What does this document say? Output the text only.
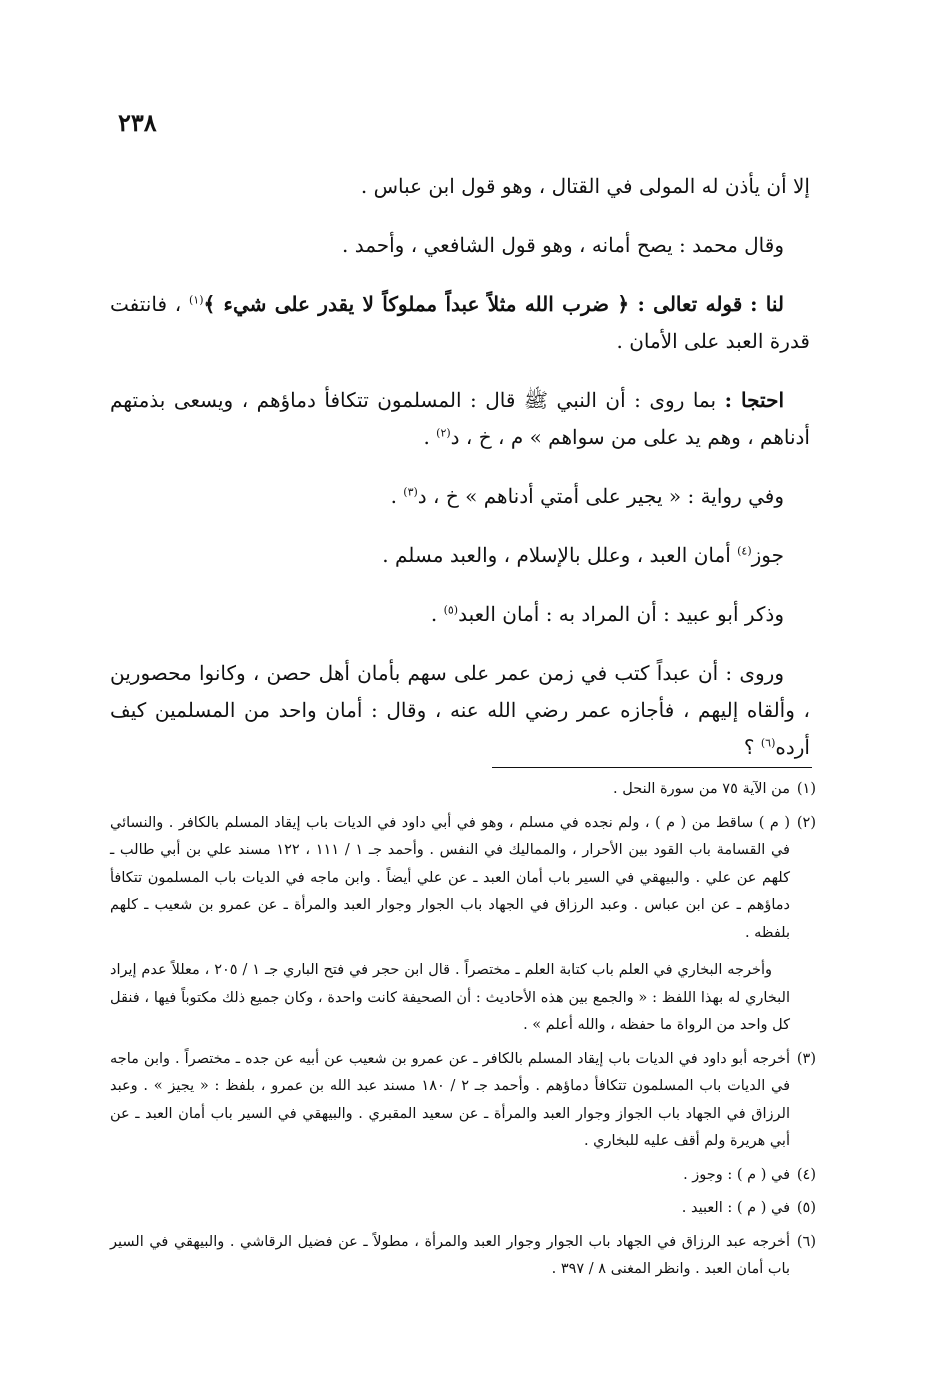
٢٣٨

إلا أن يأذن له المولى في القتال ، وهو قول ابن عباس .

وقال محمد : يصح أمانه ، وهو قول الشافعي ، وأحمد .

لنا : قوله تعالى : ﴿ ضرب الله مثلاً عبداً مملوكاً لا يقدر على شيء ﴾$^{(١)}$ ، فانتفت قدرة العبد على الأمان .

احتجا : بما روى : أن النبي ﷺ قال : المسلمون تتكافأ دماؤهم ، ويسعى بذمتهم أدناهم ، وهم يد على من سواهم » م ، خ ، د$^{(٢)}$ .

وفي رواية : « يجير على أمتي أدناهم » خ ، د$^{(٣)}$ .

جوز$^{(٤)}$ أمان العبد ، وعلل بالإسلام ، والعبد مسلم .

وذكر أبو عبيد : أن المراد به : أمان العبد$^{(٥)}$ .

وروى : أن عبداً كتب في زمن عمر على سهم بأمان أهل حصن ، وكانوا محصورين ، وألقاه إليهم ، فأجازه عمر رضي الله عنه ، وقال : أمان واحد من المسلمين كيف أرده$^{(٦)}$ ؟

(١)
من الآية ٧٥ من سورة النحل .
(٢)
( م ) ساقط من ( م ) ، ولم نجده في مسلم ، وهو في أبي داود في الديات باب إيقاد المسلم بالكافر . والنسائي في القسامة باب القود بين الأحرار ، والمماليك في النفس . وأحمد جـ ١ / ١١١ ، ١٢٢ مسند علي بن أبي طالب ـ كلهم عن علي . والبيهقي في السير باب أمان العبد ـ عن علي أيضاً . وابن ماجه في الديات باب المسلمون تتكافأ دماؤهم ـ عن ابن عباس . وعبد الرزاق في الجهاد باب الجوار وجوار العبد والمرأة ـ عن عمرو بن شعيب ـ كلهم بلفظه .

وأخرجه البخاري في العلم باب كتابة العلم ـ مختصراً . قال ابن حجر في فتح الباري جـ ١ / ٢٠٥ ، معللاً عدم إيراد البخاري له بهذا اللفظ : « والجمع بين هذه الأحاديث : أن الصحيفة كانت واحدة ، وكان جميع ذلك مكتوباً فيها ، فنقل كل واحد من الرواة ما حفظه ، والله أعلم » .

(٣)
أخرجه أبو داود في الديات باب إيقاد المسلم بالكافر ـ عن عمرو بن شعيب عن أبيه عن جده ـ مختصراً . وابن ماجه في الديات باب المسلمون تتكافأ دماؤهم . وأحمد جـ ٢ / ١٨٠ مسند عبد الله بن عمرو ، بلفظ : « يجيز » . وعبد الرزاق في الجهاد باب الجواز وجوار العبد والمرأة ـ عن سعيد المقبري . والبيهقي في السير باب أمان العبد ـ عن أبي هريرة ولم أقف عليه للبخاري .
(٤)
في ( م ) : وجوز .
(٥)
في ( م ) : العبيد .
(٦)
أخرجه عبد الرزاق في الجهاد باب الجوار وجوار العبد والمرأة ، مطولاً ـ عن فضيل الرقاشي . والبيهقي في السير باب أمان العبد . وانظر المغنى ٨ / ٣٩٧ .
